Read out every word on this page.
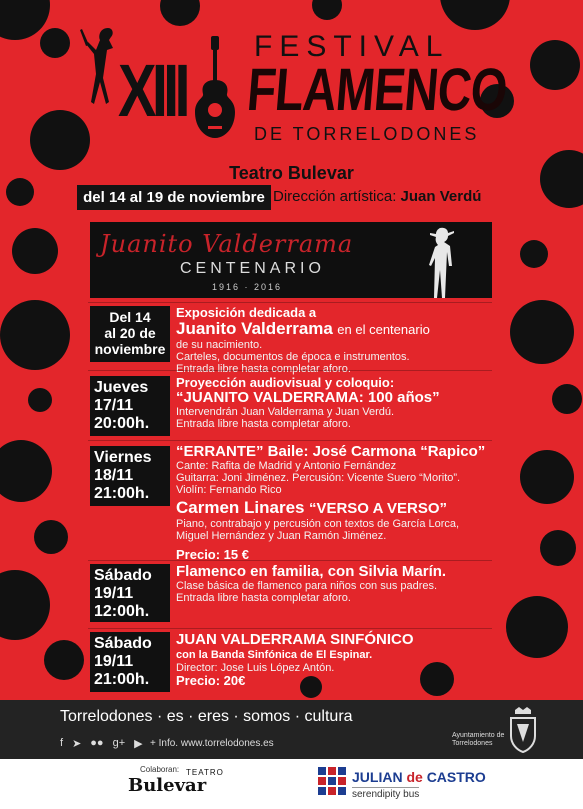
XIII
FESTIVAL
FLAMENCO
DE TORRELODONES
Teatro Bulevar
del 14 al 19 de noviembre Dirección artística: Juan Verdú
Juanito Valderrama
CENTENARIO
1916 · 2016
Del 14
al 20 de
noviembre
Exposición dedicada a
Juanito Valderrama en el centenario
de su nacimiento.
Carteles, documentos de época e instrumentos.
Entrada libre hasta completar aforo.
Jueves
17/11
20:00h.
Proyección audiovisual y coloquio:
“JUANITO VALDERRAMA: 100 años”
Intervendrán Juan Valderrama y Juan Verdú.
Entrada libre hasta completar aforo.
Viernes
18/11
21:00h.
“ERRANTE” Baile: José Carmona “Rapico”
Cante: Rafita de Madrid y Antonio Fernández
Guitarra: Joni Jiménez. Percusión: Vicente Suero “Morito”.
Violín: Fernando Rico
Carmen Linares “VERSO A VERSO”
Piano, contrabajo y percusión con textos de García Lorca,
Miguel Hernández y Juan Ramón Jiménez.
Precio: 15 €
Sábado
19/11
12:00h.
Flamenco en familia, con Silvia Marín.
Clase básica de flamenco para niños con sus padres.
Entrada libre hasta completar aforo.
Sábado
19/11
21:00h.
JUAN VALDERRAMA SINFÓNICO
con la Banda Sinfónica de El Espinar.
Director: Jose Luis López Antón.
Precio: 20€
Torrelodones · es · eres · somos · cultura
f ➤ ●● g+ ▶ + Info. www.torrelodones.es
Ayuntamiento de
Torrelodones
Colaboran: TEATRO
Bulevar	JULIAN de CASTRO
serendipity bus
